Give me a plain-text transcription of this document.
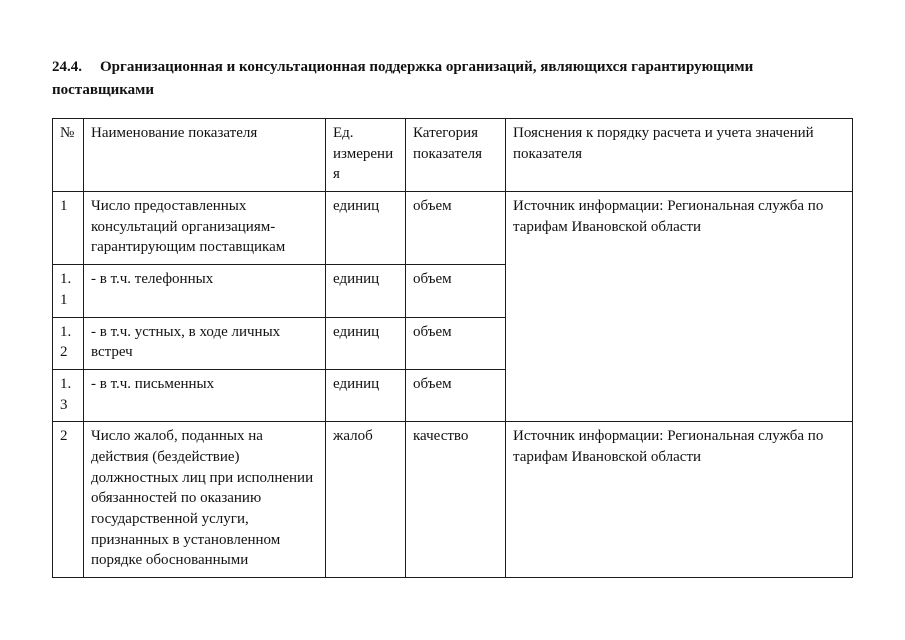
24.4. Организационная и консультационная поддержка организаций, являющихся гарантирующими поставщиками

№	Наименование показателя	Ед. измерения	Категория показателя	Пояснения к порядку расчета и учета значений показателя
1	Число предоставленных консультаций организациям-гарантирующим поставщикам	единиц	объем	Источник информации: Региональная служба по тарифам Ивановской области
1.1	- в т.ч. телефонных	единиц	объем	
1.2	- в т.ч. устных, в ходе личных встреч	единиц	объем	
1.3	- в т.ч. письменных	единиц	объем	
2	Число жалоб, поданных на действия (бездействие) должностных лиц при исполнении обязанностей по оказанию государственной услуги, признанных в установленном порядке обоснованными	жалоб	качество	Источник информации: Региональная служба по тарифам Ивановской области
